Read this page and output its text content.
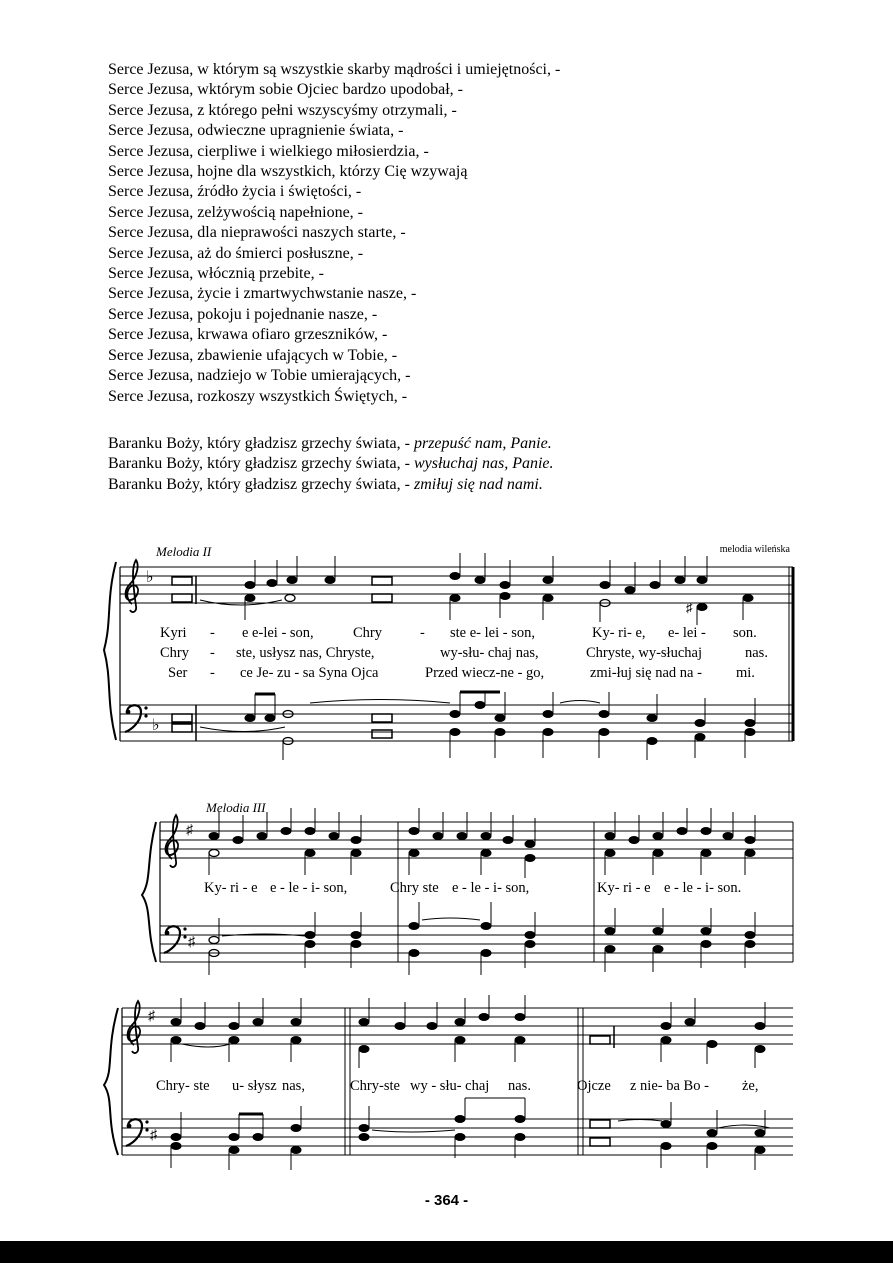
Serce Jezusa, w którym są wszystkie skarby mądrości i umiejętności, -
Serce Jezusa, wktórym sobie Ojciec bardzo upodobał, -
Serce Jezusa, z którego pełni wszyscyśmy otrzymali, -
Serce Jezusa, odwieczne upragnienie świata, -
Serce Jezusa, cierpliwe i wielkiego miłosierdzia, -
Serce Jezusa, hojne dla wszystkich, którzy Cię wzywają
Serce Jezusa, źródło życia i świętości, -
Serce Jezusa, zelżywością napełnione, -
Serce Jezusa, dla nieprawości naszych starte, -
Serce Jezusa, aż do śmierci posłuszne, -
Serce Jezusa, włócznią przebite, -
Serce Jezusa, życie i zmartwychwstanie nasze, -
Serce Jezusa, pokoju i pojednanie nasze, -
Serce Jezusa, krwawa ofiaro grzeszników, -
Serce Jezusa, zbawienie ufających w Tobie, -
Serce Jezusa, nadziejo w Tobie umierających, -
Serce Jezusa, rozkoszy wszystkich Świętych, -
Baranku Boży, który gładzisz grzechy świata, - przepuść nam, Panie.
Baranku Boży, który gładzisz grzechy świata, - wysłuchaj nas, Panie.
Baranku Boży, który gładzisz grzechy świata, - zmiłuj się nad nami.
Melodia II	melodia wileńska
♭
♭
♯
Kyri - e e-lei - son,	Chry	- ste e- lei - son,	Ky- ri- e, e- lei - son.
Chry - ste, usłysz nas, Chryste,	wy-słu- chaj nas,	Chryste, wy-słuchaj	nas.
Ser - ce Je- zu - sa Syna Ojca	Przed wiecz-ne - go,	zmi-łuj się nad na - mi.
Melodia III
♯
♯
Ky- ri - e e - le - i- son,	Chry ste e - le - i- son,	Ky- ri - e e - le - i- son.
♯
♯
Chry- ste u- słysz nas,	Chry-ste wy - słu- chaj nas.	Ojcze z nie- ba Bo - że,
- 364 -
